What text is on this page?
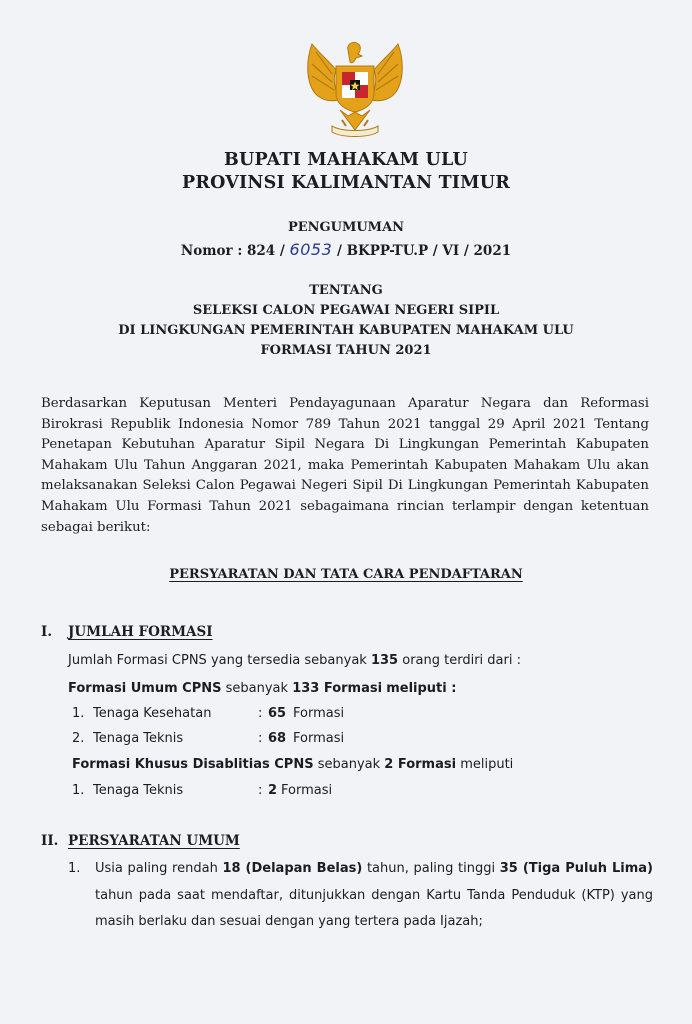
BUPATI MAHAKAM ULU
PROVINSI KALIMANTAN TIMUR
PENGUMUMAN
Nomor : 824 / 6053 / BKPP-TU.P / VI / 2021
TENTANG
SELEKSI CALON PEGAWAI NEGERI SIPIL
DI LINGKUNGAN PEMERINTAH KABUPATEN MAHAKAM ULU
FORMASI TAHUN 2021
Berdasarkan Keputusan Menteri Pendayagunaan Aparatur Negara dan Reformasi Birokrasi Republik Indonesia Nomor 789 Tahun 2021 tanggal 29 April 2021 Tentang Penetapan Kebutuhan Aparatur Sipil Negara Di Lingkungan Pemerintah Kabupaten Mahakam Ulu Tahun Anggaran 2021, maka Pemerintah Kabupaten Mahakam Ulu akan melaksanakan Seleksi Calon Pegawai Negeri Sipil Di Lingkungan Pemerintah Kabupaten Mahakam Ulu Formasi Tahun 2021 sebagaimana rincian terlampir dengan ketentuan sebagai berikut:
PERSYARATAN DAN TATA CARA PENDAFTARAN
I. JUMLAH FORMASI
Jumlah Formasi CPNS yang tersedia sebanyak 135 orang terdiri dari :
Formasi Umum CPNS sebanyak 133 Formasi meliputi :
1. Tenaga Kesehatan	: 65 Formasi
2. Tenaga Teknis	: 68 Formasi
Formasi Khusus Disablitias CPNS sebanyak 2 Formasi meliputi
1. Tenaga Teknis	: 2 Formasi
II. PERSYARATAN UMUM
1. Usia paling rendah 18 (Delapan Belas) tahun, paling tinggi 35 (Tiga Puluh Lima) tahun pada saat mendaftar, ditunjukkan dengan Kartu Tanda Penduduk (KTP) yang masih berlaku dan sesuai dengan yang tertera pada Ijazah;
